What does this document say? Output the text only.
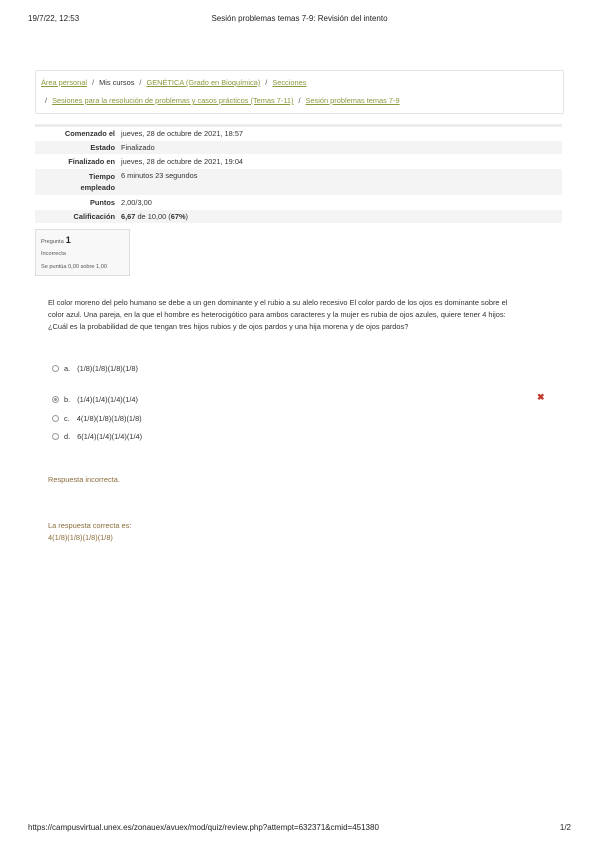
19/7/22, 12:53	Sesión problemas temas 7-9: Revisión del intento
Área personal / Mis cursos / GENÉTICA (Grado en Bioquímica) / Secciones
/ Sesiones para la resolución de problemas y casos prácticos (Temas 7-11) / Sesión problemas temas 7-9
Comenzado el jueves, 28 de octubre de 2021, 18:57
Estado Finalizado
Finalizado en jueves, 28 de octubre de 2021, 19:04
Tiempo
empleado
6 minutos 23 segundos
Puntos 2,00/3,00
Calificación 6,67 de 10,00 (67%)
Pregunta 1
Incorrecta
Se puntúa 0,00 sobre 1,00
El color moreno del pelo humano se debe a un gen dominante y el rubio a su alelo recesivo El color pardo de los ojos es dominante sobre el
color azul. Una pareja, en la que el hombre es heterocigótico para ambos caracteres y la mujer es rubia de ojos azules, quiere tener 4 hijos:
¿Cuál es la probabilidad de que tengan tres hijos rubios y de ojos pardos y una hija morena y de ojos pardos?
a. (1/8)(1/8)(1/8)(1/8)
b. (1/4)(1/4)(1/4)(1/4)
c. 4(1/8)(1/8)(1/8)(1/8)
d. 6(1/4)(1/4)(1/4)(1/4)
✖
Respuesta incorrecta.
La respuesta correcta es:
4(1/8)(1/8)(1/8)(1/8)
https://campusvirtual.unex.es/zonauex/avuex/mod/quiz/review.php?attempt=632371&cmid=451380	1/2
